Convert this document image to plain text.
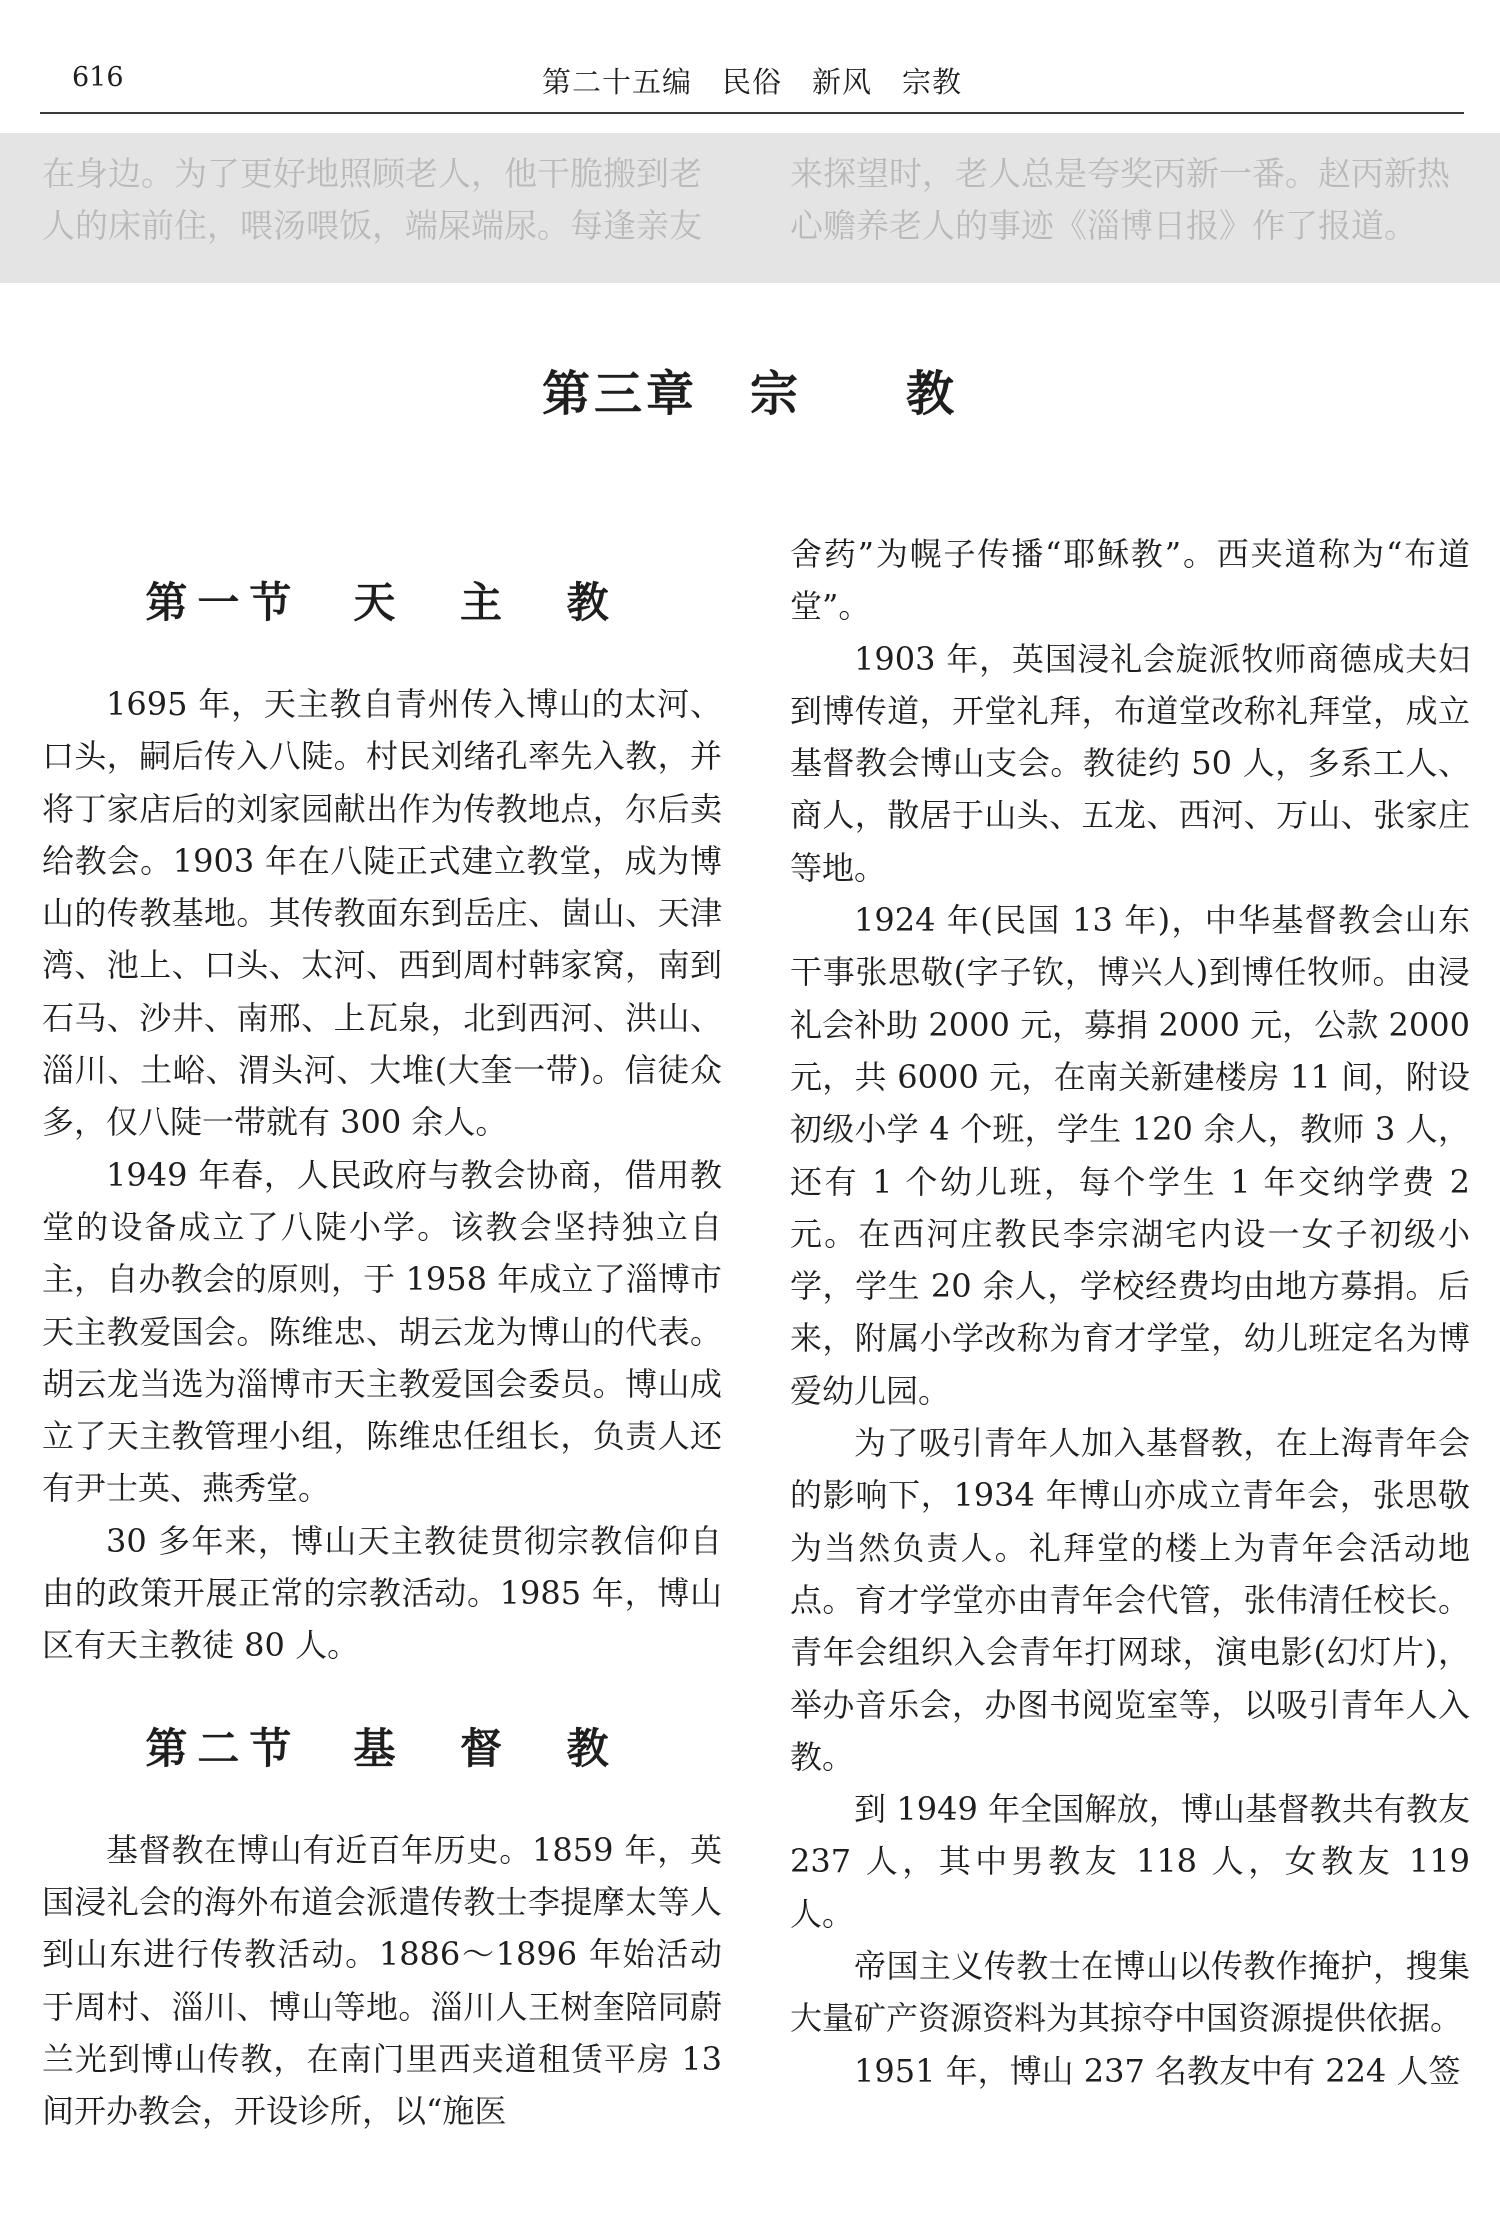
616	第二十五编　民俗　新风　宗教
在身边。为了更好地照顾老人，他干脆搬到老人的床前住，喂汤喂饭，端屎端尿。每逢亲友
来探望时，老人总是夸奖丙新一番。赵丙新热心赡养老人的事迹《淄博日报》作了报道。
第三章　宗　　教
第一节　天 主 教

1695 年，天主教自青州传入博山的太河、口头，嗣后传入八陡。村民刘绪孔率先入教，并将丁家店后的刘家园献出作为传教地点，尔后卖给教会。1903 年在八陡正式建立教堂，成为博山的传教基地。其传教面东到岳庄、崮山、天津湾、池上、口头、太河、西到周村韩家窝，南到石马、沙井、南邢、上瓦泉，北到西河、洪山、淄川、土峪、渭头河、大堆(大奎一带)。信徒众多，仅八陡一带就有 300 余人。

1949 年春，人民政府与教会协商，借用教堂的设备成立了八陡小学。该教会坚持独立自主，自办教会的原则，于 1958 年成立了淄博市天主教爱国会。陈维忠、胡云龙为博山的代表。胡云龙当选为淄博市天主教爱国会委员。博山成立了天主教管理小组，陈维忠任组长，负责人还有尹士英、燕秀堂。

30 多年来，博山天主教徒贯彻宗教信仰自由的政策开展正常的宗教活动。1985 年，博山区有天主教徒 80 人。

第二节　基 督 教

基督教在博山有近百年历史。1859 年，英国浸礼会的海外布道会派遣传教士李提摩太等人到山东进行传教活动。1886～1896 年始活动于周村、淄川、博山等地。淄川人王树奎陪同蔚兰光到博山传教，在南门里西夹道租赁平房 13 间开办教会，开设诊所，以“施医

舍药”为幌子传播“耶稣教”。西夹道称为“布道堂”。

1903 年，英国浸礼会旋派牧师商德成夫妇到博传道，开堂礼拜，布道堂改称礼拜堂，成立基督教会博山支会。教徒约 50 人，多系工人、商人，散居于山头、五龙、西河、万山、张家庄等地。

1924 年(民国 13 年)，中华基督教会山东干事张思敬(字子钦，博兴人)到博任牧师。由浸礼会补助 2000 元，募捐 2000 元，公款 2000 元，共 6000 元，在南关新建楼房 11 间，附设初级小学 4 个班，学生 120 余人，教师 3 人，还有 1 个幼儿班，每个学生 1 年交纳学费 2 元。在西河庄教民李宗湖宅内设一女子初级小学，学生 20 余人，学校经费均由地方募捐。后来，附属小学改称为育才学堂，幼儿班定名为博爱幼儿园。

为了吸引青年人加入基督教，在上海青年会的影响下，1934 年博山亦成立青年会，张思敬为当然负责人。礼拜堂的楼上为青年会活动地点。育才学堂亦由青年会代管，张伟清任校长。青年会组织入会青年打网球，演电影(幻灯片)，举办音乐会，办图书阅览室等，以吸引青年人入教。

到 1949 年全国解放，博山基督教共有教友 237 人，其中男教友 118 人，女教友 119 人。

帝国主义传教士在博山以传教作掩护，搜集大量矿产资源资料为其掠夺中国资源提供依据。

1951 年，博山 237 名教友中有 224 人签
